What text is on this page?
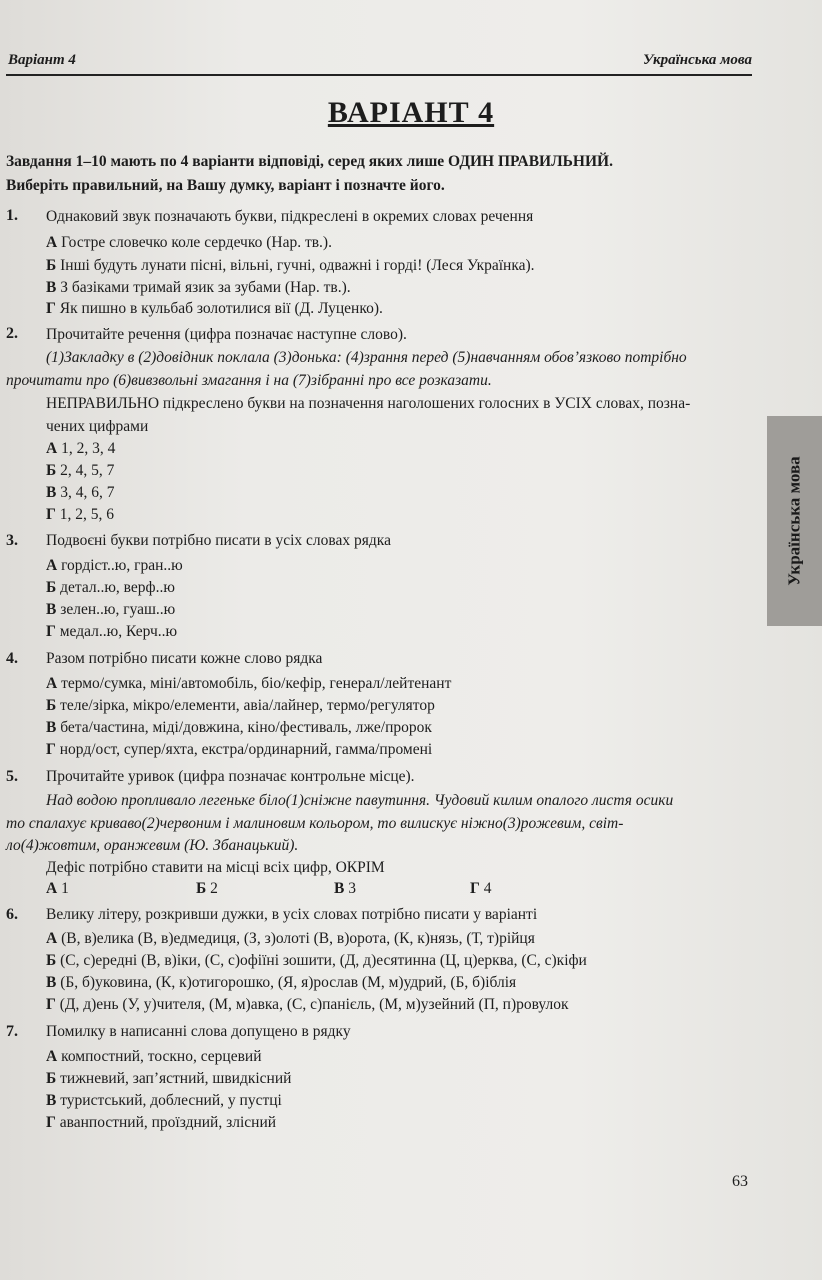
Варіант 4	Українська мова
ВАРІАНТ 4
Завдання 1–10 мають по 4 варіанти відповіді, серед яких лише ОДИН ПРАВИЛЬНИЙ.
Виберіть правильний, на Вашу думку, варіант і позначте його.
1. Однаковий звук позначають букви, підкреслені в окремих словах речення
А Гостре словечко коле сердечко (Нар. тв.).
Б Інші будуть лунати пісні, вільні, гучні, одважні і горді! (Леся Українка).
В З базіками тримай язик за зубами (Нар. тв.).
Г Як пишно в кульбаб золотилися вії (Д. Луценко).
2. Прочитайте речення (цифра позначає наступне слово).
(1)Закладку в (2)довідник поклала (3)донька: (4)зрання перед (5)навчанням обов’язково потрібно
прочитати про (6)вивзвольні змагання і на (7)зібранні про все розказати.
НЕПРАВИЛЬНО підкреслено букви на позначення наголошених голосних в УСІХ словах, позна-
чених цифрами
А 1, 2, 3, 4
Б 2, 4, 5, 7
В 3, 4, 6, 7
Г 1, 2, 5, 6
3. Подвоєні букви потрібно писати в усіх словах рядка
А гордіст..ю, гран..ю
Б детал..ю, верф..ю
В зелен..ю, гуаш..ю
Г медал..ю, Керч..ю
4. Разом потрібно писати кожне слово рядка
А термо/сумка, міні/автомобіль, біо/кефір, генерал/лейтенант
Б теле/зірка, мікро/елементи, авіа/лайнер, термо/регулятор
В бета/частина, міді/довжина, кіно/фестиваль, лже/пророк
Г норд/ост, супер/яхта, екстра/ординарний, гамма/промені
5. Прочитайте уривок (цифра позначає контрольне місце).
Над водою пропливало легеньке біло(1)сніжне павутиння. Чудовий килим опалого листя осики
то спалахує криваво(2)червоним і малиновим кольором, то вилискує ніжно(3)рожевим, світ-
ло(4)жовтим, оранжевим (Ю. Збанацький).
Дефіс потрібно ставити на місці всіх цифр, ОКРІМ
А 1	Б 2	В 3	Г 4
6. Велику літеру, розкривши дужки, в усіх словах потрібно писати у варіанті
А (В, в)елика (В, в)едмедиця, (З, з)олоті (В, в)орота, (К, к)нязь, (Т, т)рійця
Б (С, с)ередні (В, в)іки, (С, с)офіїні зошити, (Д, д)есятинна (Ц, ц)ерква, (С, с)кіфи
В (Б, б)уковина, (К, к)отигорошко, (Я, я)рослав (М, м)удрий, (Б, б)іблія
Г (Д, д)ень (У, у)чителя, (М, м)авка, (С, с)панієль, (М, м)узейний (П, п)ровулок
7. Помилку в написанні слова допущено в рядку
А компостний, тоскно, серцевий
Б тижневий, зап’ястний, швидкісний
В туристський, доблесний, у пустці
Г аванпостний, проїздний, злісний
Українська мова
63
